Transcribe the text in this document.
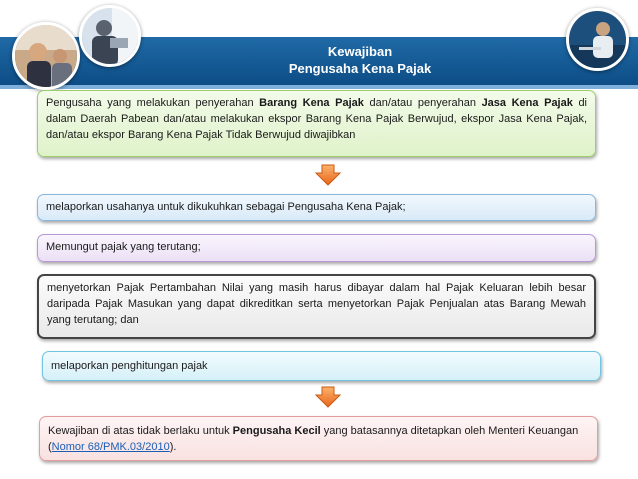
Kewajiban
Pengusaha Kena Pajak
Pengusaha yang melakukan penyerahan Barang Kena Pajak dan/atau penyerahan Jasa Kena Pajak di dalam Daerah Pabean dan/atau melakukan ekspor Barang Kena Pajak Berwujud, ekspor Jasa Kena Pajak, dan/atau ekspor Barang Kena Pajak Tidak Berwujud diwajibkan
melaporkan usahanya untuk dikukuhkan sebagai Pengusaha Kena Pajak;
Memungut pajak yang terutang;
menyetorkan Pajak Pertambahan Nilai yang masih harus dibayar dalam hal Pajak Keluaran lebih besar daripada Pajak Masukan yang dapat dikreditkan serta menyetorkan Pajak Penjualan atas Barang Mewah yang terutang; dan
melaporkan penghitungan pajak
Kewajiban di atas tidak berlaku untuk Pengusaha Kecil yang batasannya ditetapkan oleh Menteri Keuangan (Nomor 68/PMK.03/2010).
